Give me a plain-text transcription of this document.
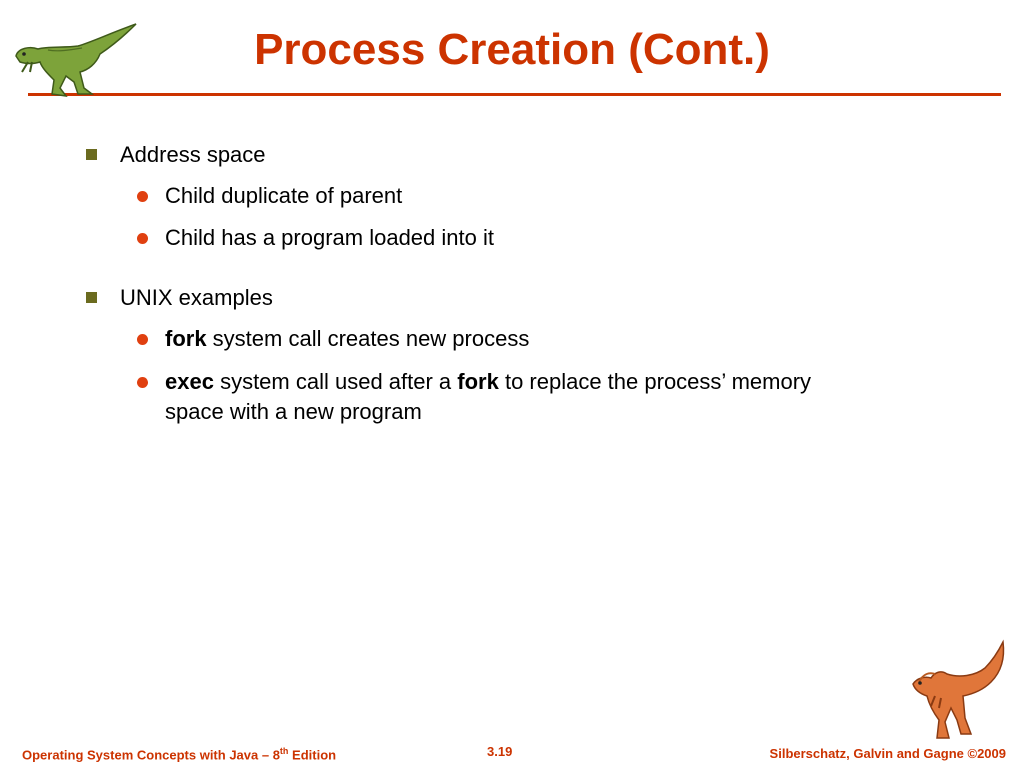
Process Creation (Cont.)
Address space
Child duplicate of parent
Child has a program loaded into it
UNIX examples
fork system call creates new process
exec system call used after a fork to replace the process’ memory
space with a new program
Operating System Concepts with Java – 8th Edition	3.19	Silberschatz, Galvin and Gagne ©2009
